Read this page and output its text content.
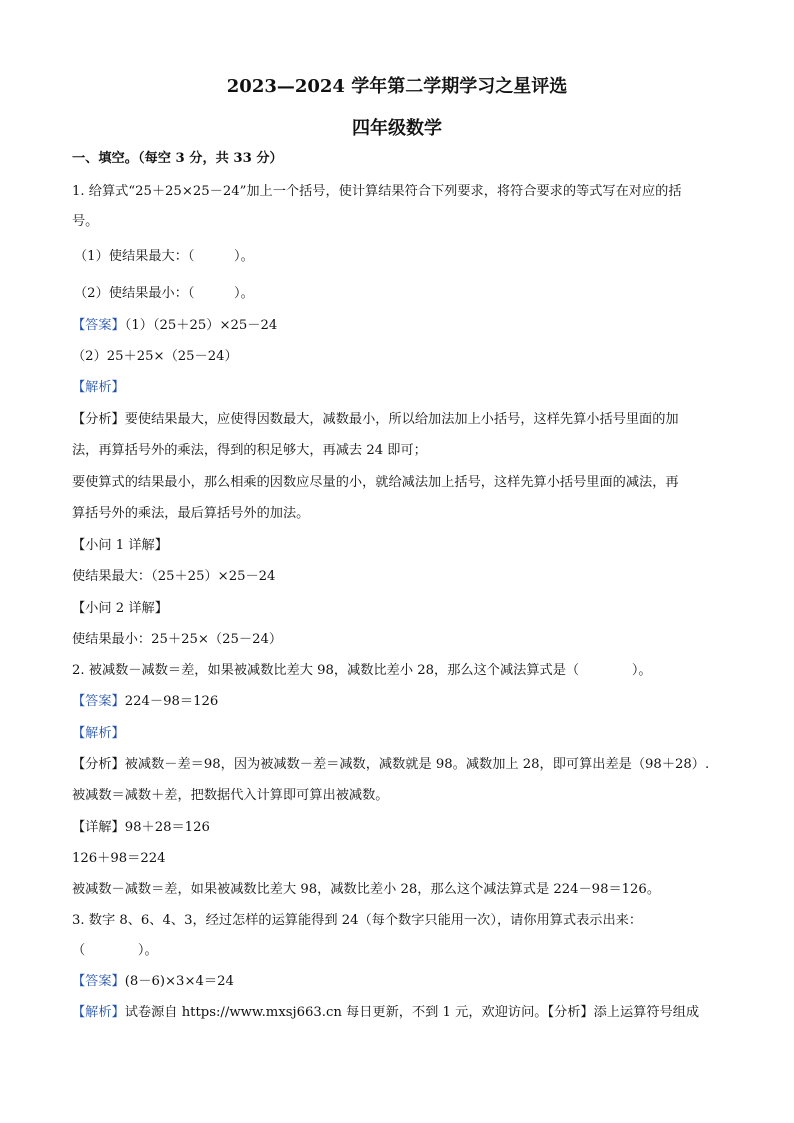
2023—2024 学年第二学期学习之星评选
四年级数学
一、填空。（每空 3 分，共 33 分）
1. 给算式“25＋25×25－24”加上一个括号，使计算结果符合下列要求，将符合要求的等式写在对应的括
号。
（1）使结果最大：（　　　）。
（2）使结果最小：（　　　）。
【答案】（1）（25＋25）×25－24
（2）25＋25×（25－24）
【解析】
【分析】要使结果最大，应使得因数最大，减数最小，所以给加法加上小括号，这样先算小括号里面的加
法，再算括号外的乘法，得到的积足够大，再减去 24 即可；
要使算式的结果最小，那么相乘的因数应尽量的小，就给减法加上括号，这样先算小括号里面的减法，再
算括号外的乘法，最后算括号外的加法。
【小问 1 详解】
使结果最大：（25＋25）×25－24
【小问 2 详解】
使结果最小：25＋25×（25－24）
2. 被减数－减数＝差，如果被减数比差大 98，减数比差小 28，那么这个减法算式是（　　　　）。
【答案】224－98＝126
【解析】
【分析】被减数－差＝98，因为被减数－差＝减数，减数就是 98。减数加上 28，即可算出差是（98＋28）.
被减数＝减数＋差，把数据代入计算即可算出被减数。
【详解】98＋28＝126
126＋98＝224
被减数－减数＝差，如果被减数比差大 98，减数比差小 28，那么这个减法算式是 224－98＝126。
3. 数字 8、6、4、3，经过怎样的运算能得到 24（每个数字只能用一次），请你用算式表示出来：
（　　　　）。
【答案】(8－6)×3×4＝24
【解析】试卷源自 https://www.mxsj663.cn 每日更新，不到 1 元，欢迎访问。【分析】添上运算符号组成
